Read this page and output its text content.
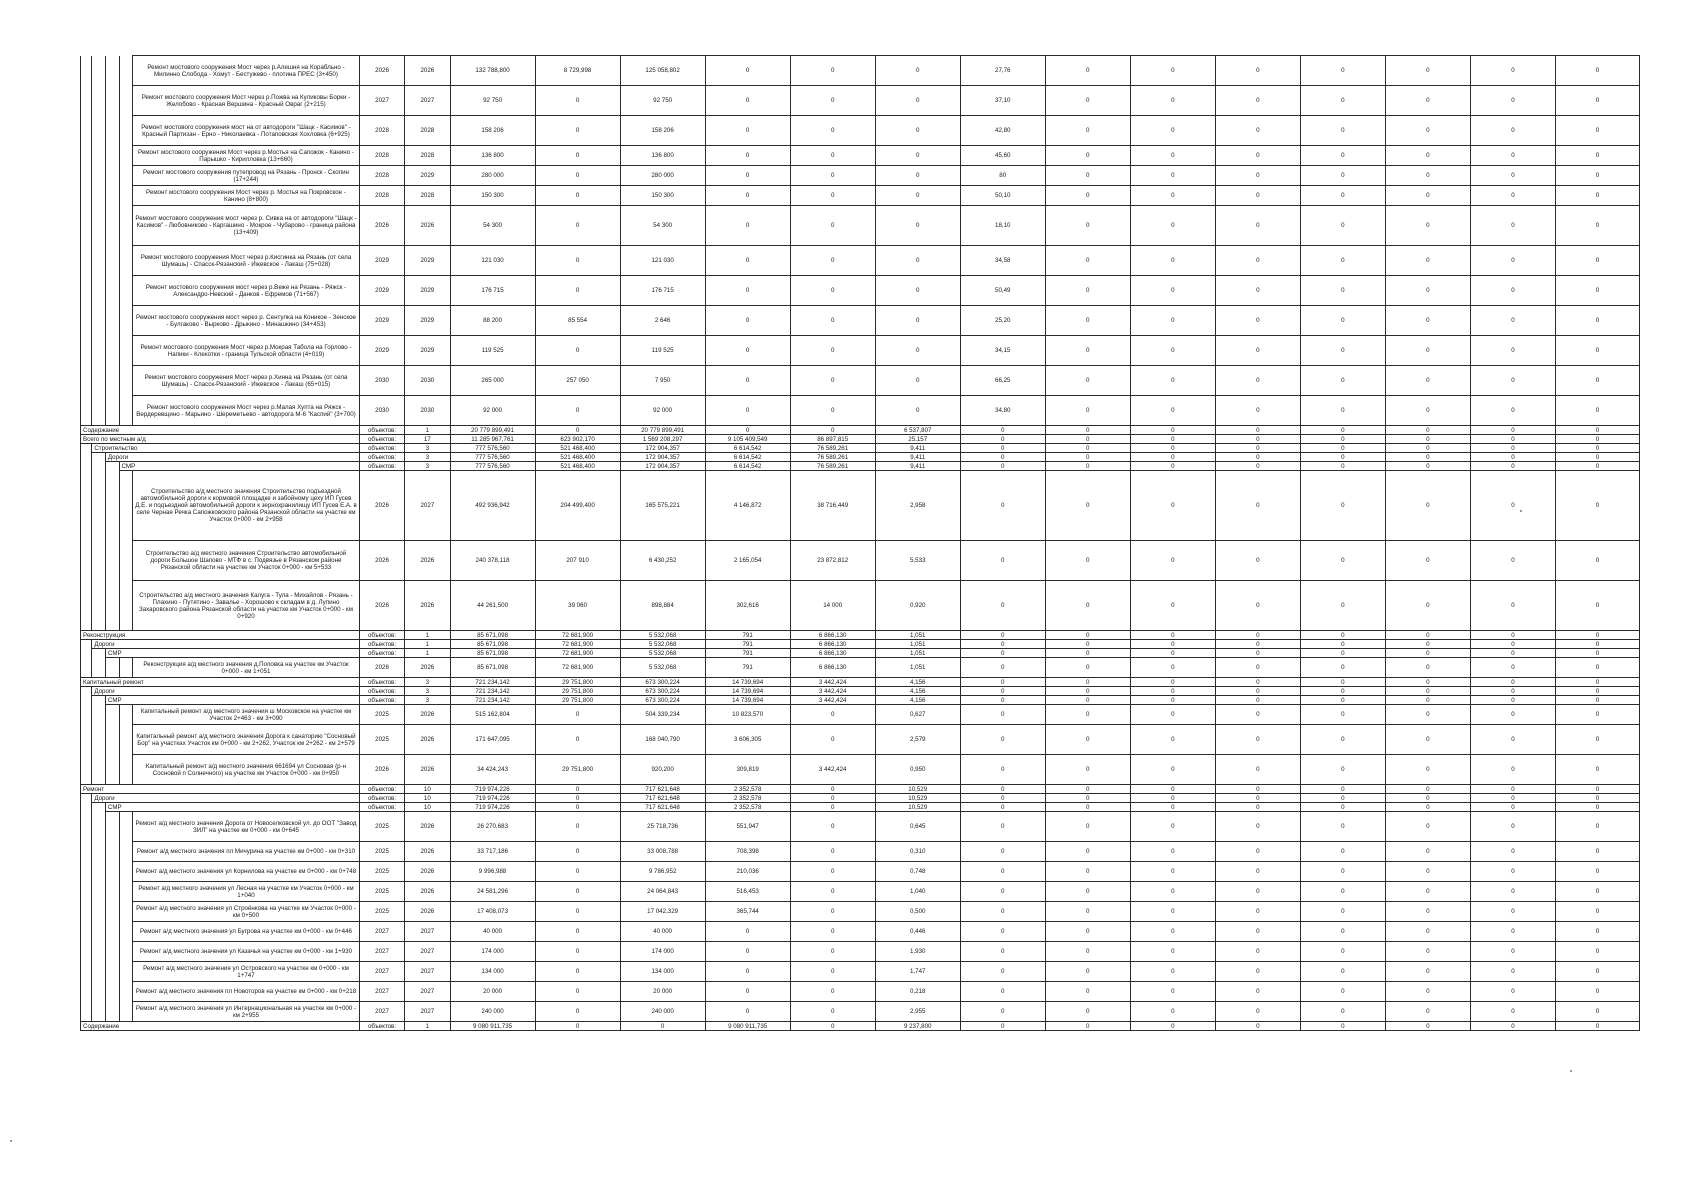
				Ремонт мостового сооружения Мост через р.Алешня на Корабльно - Милинно Слобода - Хомут - Бестужево - плотина ПРЕС (3+450)	2026	2026	132 788,800	8 729,998	125 058,802	0	0	0	27,76	0	0	0	0	0	0	0
				Ремонт мостового сооружения Мост через р.Пожва на Куликовы Борки - Желобово - Красная Вершина - Красный Овраг (2+215)	2027	2027	92 750	0	92 750	0	0	0	37,10	0	0	0	0	0	0	0
				Ремонт мостового сооружения мост на от автодороги "Шацк - Касимов" - Красный Партизан - Ерно - Николаевка - Потаповская Хохловка (6+925)	2028	2028	158 206	0	158 206	0	0	0	42,80	0	0	0	0	0	0	0
				Ремонт мостового сооружения Мост через р.Мостья на Сапожок - Канино - Парышко - Кирилловка (13+660)	2028	2028	136 800	0	136 800	0	0	0	45,60	0	0	0	0	0	0	0
				Ремонт мостового сооружения путепровод на Рязань - Пронск - Скопин (17+244)	2028	2029	280 000	0	280 000	0	0	0	80	0	0	0	0	0	0	0
				Ремонт мостового сооружения Мост через р. Мостья на Покровское - Канино (8+800)	2028	2028	150 300	0	150 300	0	0	0	50,10	0	0	0	0	0	0	0
				Ремонт мостового сооружения мост через р. Сивка на от автодороги "Шацк - Касимов" - Любовниково - Каргашино - Мокрое - Чубарово - граница района (13+409)	2026	2026	54 300	0	54 300	0	0	0	18,10	0	0	0	0	0	0	0
				Ремонт мостового сооружения Мост через р.Кисгинка на Рязань (от села Шумашь) - Спасск-Рязанский - Ижевское - Лакаш (75+028)	2029	2029	121 030	0	121 030	0	0	0	34,58	0	0	0	0	0	0	0
				Ремонт мостового сооружения мост через р.Веже на Рязань - Ряжск - Александро-Невский - Данков - Ефремов (71+567)	2029	2029	176 715	0	176 715	0	0	0	50,49	0	0	0	0	0	0	0
				Ремонт мостового сооружения мост через р. Сентулка на Коникое - Зенское - Булгаково - Вырково - Дрыкино - Минашкино (34+453)	2029	2029	88 200	85 554	2 646	0	0	0	25,20	0	0	0	0	0	0	0
				Ремонт мостового сооружения Мост через р.Мокрая Табола на Горлово - Напики - Клекотки - граница Тульской области (4+019)	2029	2029	119 525	0	119 525	0	0	0	34,15	0	0	0	0	0	0	0
				Ремонт мостового сооружения Мост через р.Хинна на Рязань (от села Шумашь) - Спасск-Рязанский - Ижевское - Лакаш (65+015)	2030	2030	265 000	257 050	7 950	0	0	0	66,25	0	0	0	0	0	0	0
				Ремонт мостового сооружения Мост через р.Малая Хупта на Ряжск - Вердеревщино - Марьино - Шереметьево - автодорога М-6 "Каспий" (3+700)	2030	2030	92 000	0	92 000	0	0	0	34,80	0	0	0	0	0	0	0
Содержание					объектов:	1	20 779 899,491	0	20 779 899,491	0	0	6 537,807	0	0	0	0	0	0	0	0
Всего по местным а/д					объектов:	17	11 285 967,761	623 902,170	1 569 208,297	9 105 409,549	86 897,815	25,157	0	0	0	0	0	0	0	0
	Строительство				объектов:	3	777 576,560	521 468,400	172 904,357	6 614,542	76 589,261	9,411	0	0	0	0	0	0	0	0
		Дороги			объектов:	3	777 576,560	521 468,400	172 904,357	6 614,542	76 589,261	9,411	0	0	0	0	0	0	0	0
			СМР		объектов:	3	777 576,560	521 468,400	172 904,357	6 614,542	76 589,261	9,411	0	0	0	0	0	0	0	0
				Строительство а/д местного значения Строительство подъездной автомобильной дороги к кормовой площадке и забойному цеху ИП Гусев Д.Е. и подъездной автомобильной дороги к зернохранилищу ИП Гусев Е.А. в селе Черная Речка Сапожковского района Рязанской области на участке км Участок 0+000 - км 2+958	2026	2027	492 936,942	204 499,400	165 575,221	4 146,872	38 716,449	2,958	0	0	0	0	0	0	0	0
				Строительство а/д местного значения Строительство автомобильной дороги Большое Шапово - МТФ в с. Подвязье в Рязанском районе Рязанской области на участке км Участок 0+000 - км 5+533	2026	2026	240 378,118	207 910	6 430,252	2 165,054	23 872,812	5,533	0	0	0	0	0	0	0	0
				Строительство а/д местного значения Калуга - Тула - Михайлов - Рязань - Плахино - Путятино - Завалье - Хорошово к складам в д. Лупино Захаровского района Рязанской области на участке км Участок 0+000 - км 0+920	2026	2026	44 261,500	39 060	898,884	302,616	14 000	0,920	0	0	0	0	0	0	0	0
Реконструкция					объектов:	1	85 671,098	72 681,900	5 532,068	791	6 866,130	1,051	0	0	0	0	0	0	0	0
	Дороги				объектов:	1	85 671,098	72 681,900	5 532,068	791	6 866,130	1,051	0	0	0	0	0	0	0	0
		СМР			объектов:	1	85 671,098	72 681,900	5 532,068	791	6 866,130	1,051	0	0	0	0	0	0	0	0
				Реконструкция а/д местного значения д.Поповка на участке км Участок 0+000 - км 1+051	2026	2026	85 671,098	72 681,900	5 532,068	791	6 866,130	1,051	0	0	0	0	0	0	0	0
Капитальный ремонт					объектов:	3	721 234,142	29 751,800	673 300,224	14 739,694	3 442,424	4,156	0	0	0	0	0	0	0	0
	Дороги				объектов:	3	721 234,142	29 751,800	673 300,224	14 739,694	3 442,424	4,156	0	0	0	0	0	0	0	0
		СМР			объектов:	3	721 234,142	29 751,800	673 300,224	14 739,694	3 442,424	4,156	0	0	0	0	0	0	0	0
				Капитальный ремонт а/д местного значения ш Московское на участке км Участок 2+463 - км 3+090	2025	2026	515 162,804	0	504 339,234	10 823,570	0	0,627	0	0	0	0	0	0	0	0
				Капитальный ремонт а/д местного значения Дорога к санаторию "Сосновый Бор" на участках Участок км 0+000 - км 2+262, Участок км 2+262 - км 2+579	2025	2026	171 647,095	0	168 040,790	3 606,305	0	2,579	0	0	0	0	0	0	0	0
				Капитальный ремонт а/д местного значения 661694 ул Сосновая (р-н Сосновой п Солнечного) на участке км Участок 0+000 - км 0+950	2026	2026	34 424,243	29 751,800	920,200	309,819	3 442,424	0,950	0	0	0	0	0	0	0	0
Ремонт					объектов:	10	719 974,226	0	717 621,648	2 352,578	0	10,529	0	0	0	0	0	0	0	0
	Дороги				объектов:	10	719 974,226	0	717 621,648	2 352,578	0	10,529	0	0	0	0	0	0	0	0
		СМР			объектов:	10	719 974,226	0	717 621,648	2 352,578	0	10,529	0	0	0	0	0	0	0	0
				Ремонт а/д местного значения Дорога от Новоселковской ул. до ООТ "Завод ЗИЛ" на участке км 0+000 - км 0+645	2025	2026	26 270,683	0	25 718,736	551,947	0	0,645	0	0	0	0	0	0	0	0
				Ремонт а/д местного значения пл Мичурина на участке км 0+000 - км 0+310	2025	2026	33 717,186	0	33 008,788	708,398	0	0,310	0	0	0	0	0	0	0	0
				Ремонт а/д местного значения ул Корнилова на участке км 0+000 - км 0+748	2025	2026	9 996,988	0	9 786,952	210,036	0	0,748	0	0	0	0	0	0	0	0
				Ремонт а/д местного значения ул Лесная на участке км Участок 0+000 - км 1+040	2025	2026	24 581,296	0	24 064,843	516,453	0	1,040	0	0	0	0	0	0	0	0
				Ремонт а/д местного значения ул Строёнкова на участке км Участок 0+000 - км 0+500	2025	2026	17 408,073	0	17 042,329	365,744	0	0,500	0	0	0	0	0	0	0	0
				Ремонт а/д местного значения ул Бугрова на участке км 0+000 - км 0+446	2027	2027	40 000	0	40 000	0	0	0,446	0	0	0	0	0	0	0	0
				Ремонт а/д местного значения ул Казачья на участке км 0+000 - км 1+930	2027	2027	174 000	0	174 000	0	0	1,930	0	0	0	0	0	0	0	0
				Ремонт а/д местного значения ул Островского на участке км 0+000 - км 1+747	2027	2027	134 000	0	134 000	0	0	1,747	0	0	0	0	0	0	0	0
				Ремонт а/д местного значения пл Новоторов на участке км 0+000 - км 0+218	2027	2027	20 000	0	20 000	0	0	0,218	0	0	0	0	0	0	0	0
				Ремонт а/д местного значения ул Интернациональная на участке км 0+000 - км 2+955	2027	2027	240 000	0	240 000	0	0	2,955	0	0	0	0	0	0	0	0
Содержание					объектов:	1	9 080 911,735	0	0	9 080 911,735	0	9 237,800	0	0	0	0	0	0	0	0
